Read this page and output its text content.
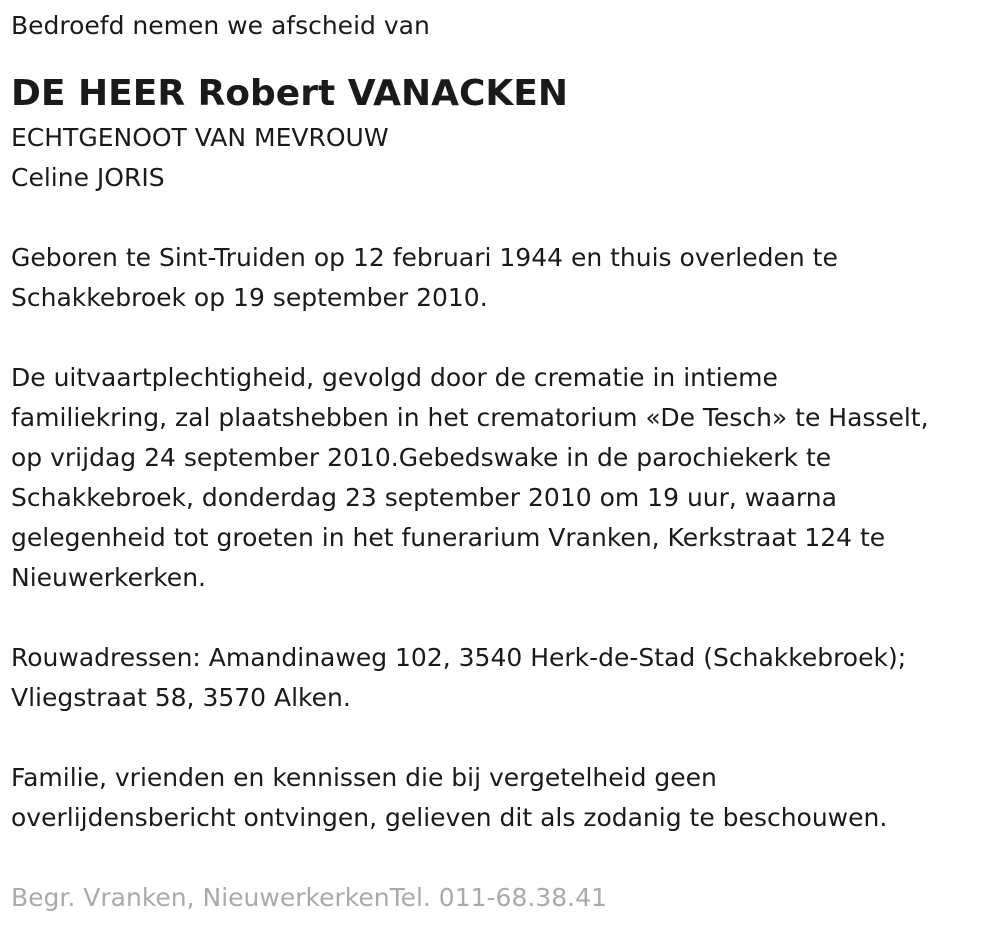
Bedroefd nemen we afscheid van

DE HEER Robert VANACKEN

ECHTGENOOT VAN MEVROUW

Celine JORIS

Geboren te Sint-Truiden op 12 februari 1944 en thuis overleden te

Schakkebroek op 19 september 2010.

De uitvaartplechtigheid, gevolgd door de crematie in intieme

familiekring, zal plaatshebben in het crematorium «De Tesch» te Hasselt,

op vrijdag 24 september 2010.Gebedswake in de parochiekerk te

Schakkebroek, donderdag 23 september 2010 om 19 uur, waarna

gelegenheid tot groeten in het funerarium Vranken, Kerkstraat 124 te

Nieuwerkerken.

Rouwadressen: Amandinaweg 102, 3540 Herk-de-Stad (Schakkebroek);

Vliegstraat 58, 3570 Alken.

Familie, vrienden en kennissen die bij vergetelheid geen

overlijdensbericht ontvingen, gelieven dit als zodanig te beschouwen.

Begr. Vranken, NieuwerkerkenTel. 011-68.38.41
